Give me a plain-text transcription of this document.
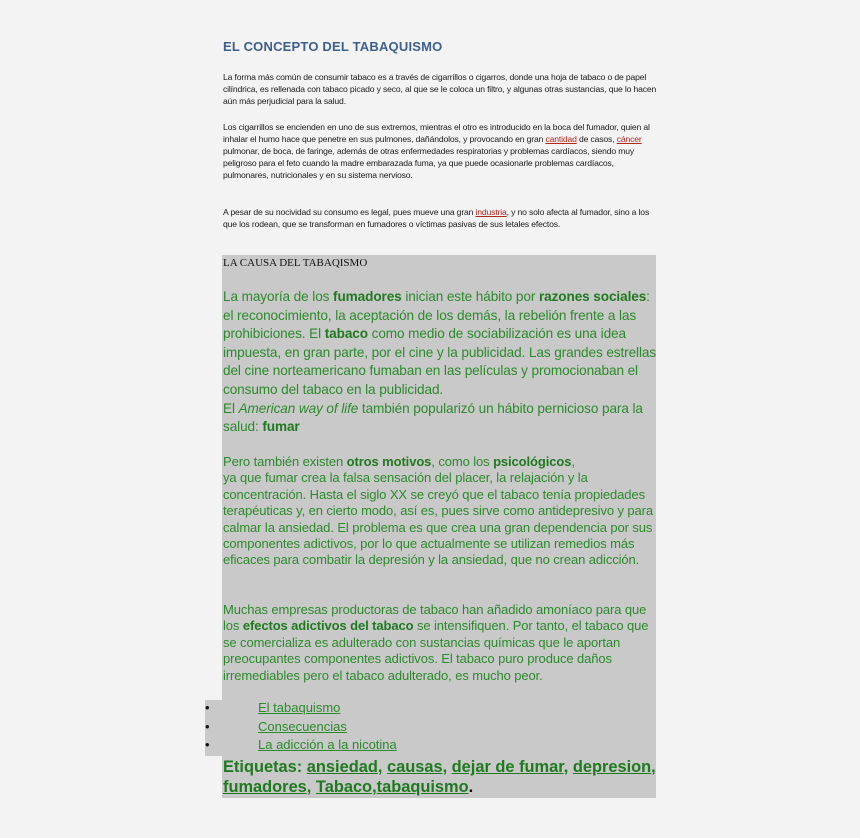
EL CONCEPTO DEL TABAQUISMO
La forma más común de consumir tabaco es a través de cigarrillos o cigarros, donde una hoja de tabaco o de papel cilíndrica, es rellenada con tabaco picado y seco, al que se le coloca un filtro, y algunas otras sustancias, que lo hacen aún más perjudicial para la salud.
Los cigarrillos se encienden en uno de sus extremos, mientras el otro es introducido en la boca del fumador, quien al inhalar el humo hace que penetre en sus pulmones, dañándolos, y provocando en gran cantidad de casos, cáncer pulmonar, de boca, de faringe, además de otras enfermedades respiratorias y problemas cardíacos, siendo muy peligroso para el feto cuando la madre embarazada fuma, ya que puede ocasionarle problemas cardíacos, pulmonares, nutricionales y en su sistema nervioso.
A pesar de su nocividad su consumo es legal, pues mueve una gran industria, y no solo afecta al fumador, sino a los que los rodean, que se transforman en fumadores o víctimas pasivas de sus letales efectos.
LA CAUSA DEL TABAQISMO
La mayoría de los fumadores inician este hábito por razones sociales: el reconocimiento, la aceptación de los demás, la rebelión frente a las prohibiciones. El tabaco como medio de sociabilización es una idea impuesta, en gran parte, por el cine y la publicidad. Las grandes estrellas del cine norteamericano fumaban en las películas y promocionaban el consumo del tabaco en la publicidad.
El American way of life también popularizó un hábito pernicioso para la salud: fumar
Pero también existen otros motivos, como los psicológicos,
ya que fumar crea la falsa sensación del placer, la relajación y la concentración. Hasta el siglo XX se creyó que el tabaco tenía propiedades terapéuticas y, en cierto modo, así es, pues sirve como antidepresivo y para calmar la ansiedad. El problema es que crea una gran dependencia por sus componentes adictivos, por lo que actualmente se utilizan remedios más eficaces para combatir la depresión y la ansiedad, que no crean adicción.
Muchas empresas productoras de tabaco han añadido amoníaco para que los efectos adictivos del tabaco se intensifiquen. Por tanto, el tabaco que se comercializa es adulterado con sustancias químicas que le aportan preocupantes componentes adictivos. El tabaco puro produce daños irremediables pero el tabaco adulterado, es mucho peor.
•	El tabaquismo
•	Consecuencias
•	La adicción a la nicotina
Etiquetas: ansiedad, causas, dejar de fumar, depresion, fumadores, Tabaco,tabaquismo.
